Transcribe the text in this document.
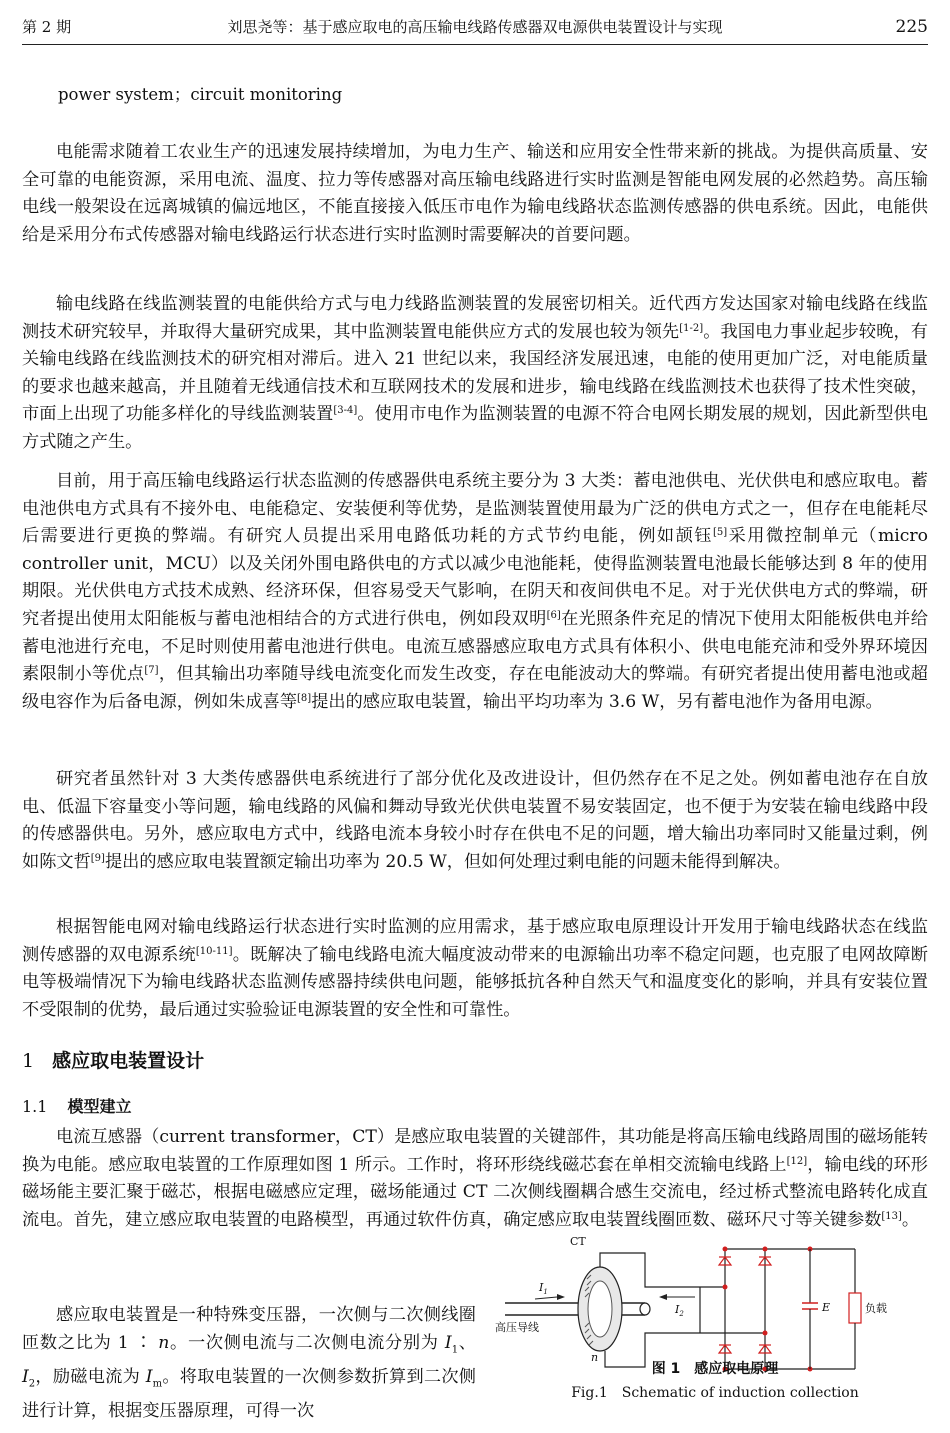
第 2 期	刘思尧等：基于感应取电的高压输电线路传感器双电源供电装置设计与实现	225
power system；circuit monitoring

电能需求随着工农业生产的迅速发展持续增加，为电力生产、输送和应用安全性带来新的挑战。为提供高质量、安全可靠的电能资源，采用电流、温度、拉力等传感器对高压输电线路进行实时监测是智能电网发展的必然趋势。高压输电线一般架设在远离城镇的偏远地区，不能直接接入低压市电作为输电线路状态监测传感器的供电系统。因此，电能供给是采用分布式传感器对输电线路运行状态进行实时监测时需要解决的首要问题。

输电线路在线监测装置的电能供给方式与电力线路监测装置的发展密切相关。近代西方发达国家对输电线路在线监测技术研究较早，并取得大量研究成果，其中监测装置电能供应方式的发展也较为领先[1-2]。我国电力事业起步较晚，有关输电线路在线监测技术的研究相对滞后。进入 21 世纪以来，我国经济发展迅速，电能的使用更加广泛，对电能质量的要求也越来越高，并且随着无线通信技术和互联网技术的发展和进步，输电线路在线监测技术也获得了技术性突破，市面上出现了功能多样化的导线监测装置[3-4]。使用市电作为监测装置的电源不符合电网长期发展的规划，因此新型供电方式随之产生。

目前，用于高压输电线路运行状态监测的传感器供电系统主要分为 3 大类：蓄电池供电、光伏供电和感应取电。蓄电池供电方式具有不接外电、电能稳定、安装便利等优势，是监测装置使用最为广泛的供电方式之一，但存在电能耗尽后需要进行更换的弊端。有研究人员提出采用电路低功耗的方式节约电能，例如颉钰[5]采用微控制单元（micro controller unit，MCU）以及关闭外围电路供电的方式以减少电池能耗，使得监测装置电池最长能够达到 8 年的使用期限。光伏供电方式技术成熟、经济环保，但容易受天气影响，在阴天和夜间供电不足。对于光伏供电方式的弊端，研究者提出使用太阳能板与蓄电池相结合的方式进行供电，例如段双明[6]在光照条件充足的情况下使用太阳能板供电并给蓄电池进行充电，不足时则使用蓄电池进行供电。电流互感器感应取电方式具有体积小、供电电能充沛和受外界环境因素限制小等优点[7]，但其输出功率随导线电流变化而发生改变，存在电能波动大的弊端。有研究者提出使用蓄电池或超级电容作为后备电源，例如朱成喜等[8]提出的感应取电装置，输出平均功率为 3.6 W，另有蓄电池作为备用电源。

研究者虽然针对 3 大类传感器供电系统进行了部分优化及改进设计，但仍然存在不足之处。例如蓄电池存在自放电、低温下容量变小等问题，输电线路的风偏和舞动导致光伏供电装置不易安装固定，也不便于为安装在输电线路中段的传感器供电。另外，感应取电方式中，线路电流本身较小时存在供电不足的问题，增大输出功率同时又能量过剩，例如陈文哲[9]提出的感应取电装置额定输出功率为 20.5 W，但如何处理过剩电能的问题未能得到解决。

根据智能电网对输电线路运行状态进行实时监测的应用需求，基于感应取电原理设计开发用于输电线路状态在线监测传感器的双电源系统[10-11]。既解决了输电线路电流大幅度波动带来的电源输出功率不稳定问题，也克服了电网故障断电等极端情况下为输电线路状态监测传感器持续供电问题，能够抵抗各种自然天气和温度变化的影响，并具有安装位置不受限制的优势，最后通过实验验证电源装置的安全性和可靠性。

1 感应取电装置设计
1.1 模型建立

电流互感器（current transformer，CT）是感应取电装置的关键部件，其功能是将高压输电线路周围的磁场能转换为电能。感应取电装置的工作原理如图 1 所示。工作时，将环形绕线磁芯套在单相交流输电线路上[12]，输电线的环形磁场能主要汇聚于磁芯，根据电磁感应定理，磁场能通过 CT 二次侧线圈耦合感生交流电，经过桥式整流电路转化成直流电。首先，建立感应取电装置的电路模型，再通过软件仿真，确定感应取电装置线圈匝数、磁环尺寸等关键参数[13]。

感应取电装置是一种特殊变压器，一次侧与二次侧线圈匝数之比为 1 ∶ n。一次侧电流与二次侧电流分别为 $I_1$、$I_2$，励磁电流为 $I_m$。将取电装置的一次侧参数折算到二次侧进行计算，根据变压器原理，可得一次

CT
$I_1$
$I_2$
高压导线
n
E	负载
图 1　感应取电原理
Fig.1　Schematic of induction collection
